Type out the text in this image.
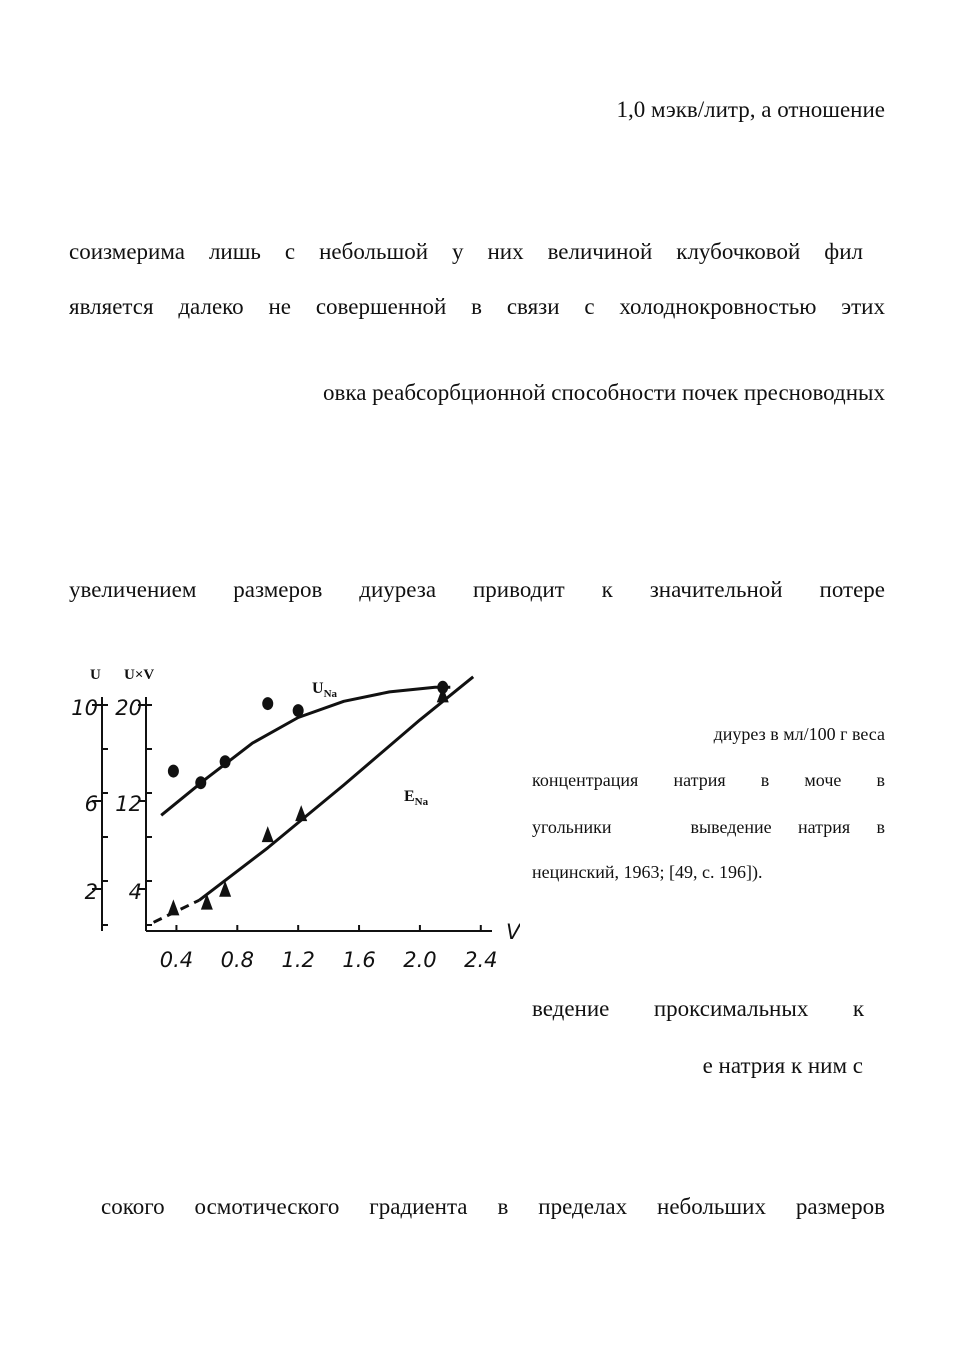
1,0 мэкв/литр, а отношение
соизмерима лишь с небольшой у них величиной клубочковой фил
является далеко не совершенной в связи с холоднокровностью этих
овка реабсорбционной способности почек пресноводных
увеличением размеров диуреза приводит к значительной потере
ведение проксимальных к
е натрия к ним с
сокого осмотического градиента в пределах небольших размеров
диурез в мл/100 г веса
концентрация натрия в моче в
угольники   выведение натрия в
нецинский, 1963; [49, с. 196]).
U U×V
10
6
2
20
12
4
0.4 0.8 1.2 1.6 2.0 2.4
V
$U_{Na}$
$E_{Na}$
